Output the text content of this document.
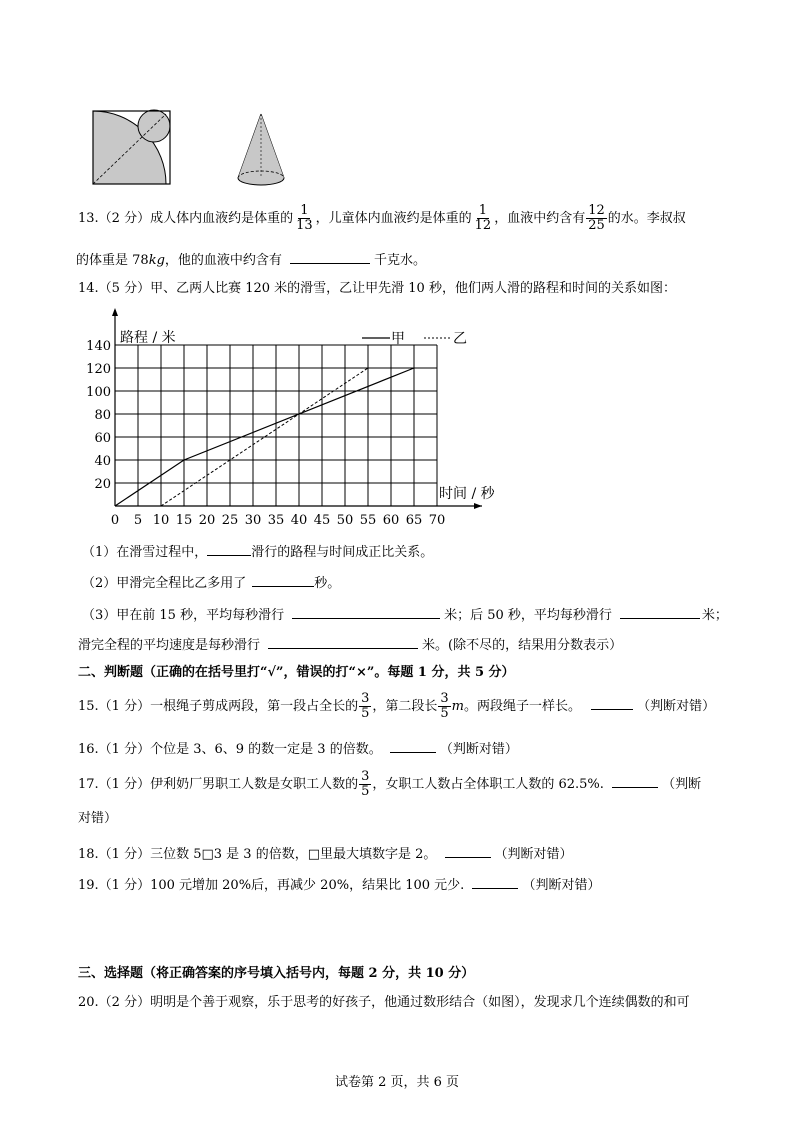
13.（2 分）成人体内血液约是体重的 $\frac{1}{13}$ ，儿童体内血液约是体重的 $\frac{1}{12}$ ，血液中约含有 $\frac{12}{25}$ 的水。李叔叔
的体重是 78kg，他的血液中约含有	千克水。
14.（5 分）甲、乙两人比赛 120 米的滑雪，乙让甲先滑 10 秒，他们两人滑的路程和时间的关系如图：
0 5 10 15 20 25 30 35 40 45 50 55 60 65 70
20
40
60
80
100
120
140
路程 / 米
时间 / 秒
甲	乙
（1）在滑雪过程中，	滑行的路程与时间成正比关系。
（2）甲滑完全程比乙多用了	秒。
（3）甲在前 15 秒，平均每秒滑行	米；后 50 秒，平均每秒滑行	米；
滑完全程的平均速度是每秒滑行	米。(除不尽的，结果用分数表示）
二、判断题（正确的在括号里打“√”，错误的打“×”。每题 1 分，共 5 分）
15.（1 分）一根绳子剪成两段，第一段占全长的 $\frac{3}{5}$ ，第二段长 $\frac{3}{5}$ m。两段绳子一样长。	（判断对错）
16.（1 分）个位是 3、6、9 的数一定是 3 的倍数。	（判断对错）
17.（1 分）伊利奶厂男职工人数是女职工人数的 $\frac{3}{5}$ ，女职工人数占全体职工人数的 62.5%.	（判断
对错）
18.（1 分）三位数 5□3 是 3 的倍数，□里最大填数字是 2。	（判断对错）
19.（1 分）100 元增加 20%后，再减少 20%，结果比 100 元少.	（判断对错）
三、选择题（将正确答案的序号填入括号内，每题 2 分，共 10 分）
20.（2 分）明明是个善于观察，乐于思考的好孩子，他通过数形结合（如图），发现求几个连续偶数的和可
试卷第 2 页，共 6 页
